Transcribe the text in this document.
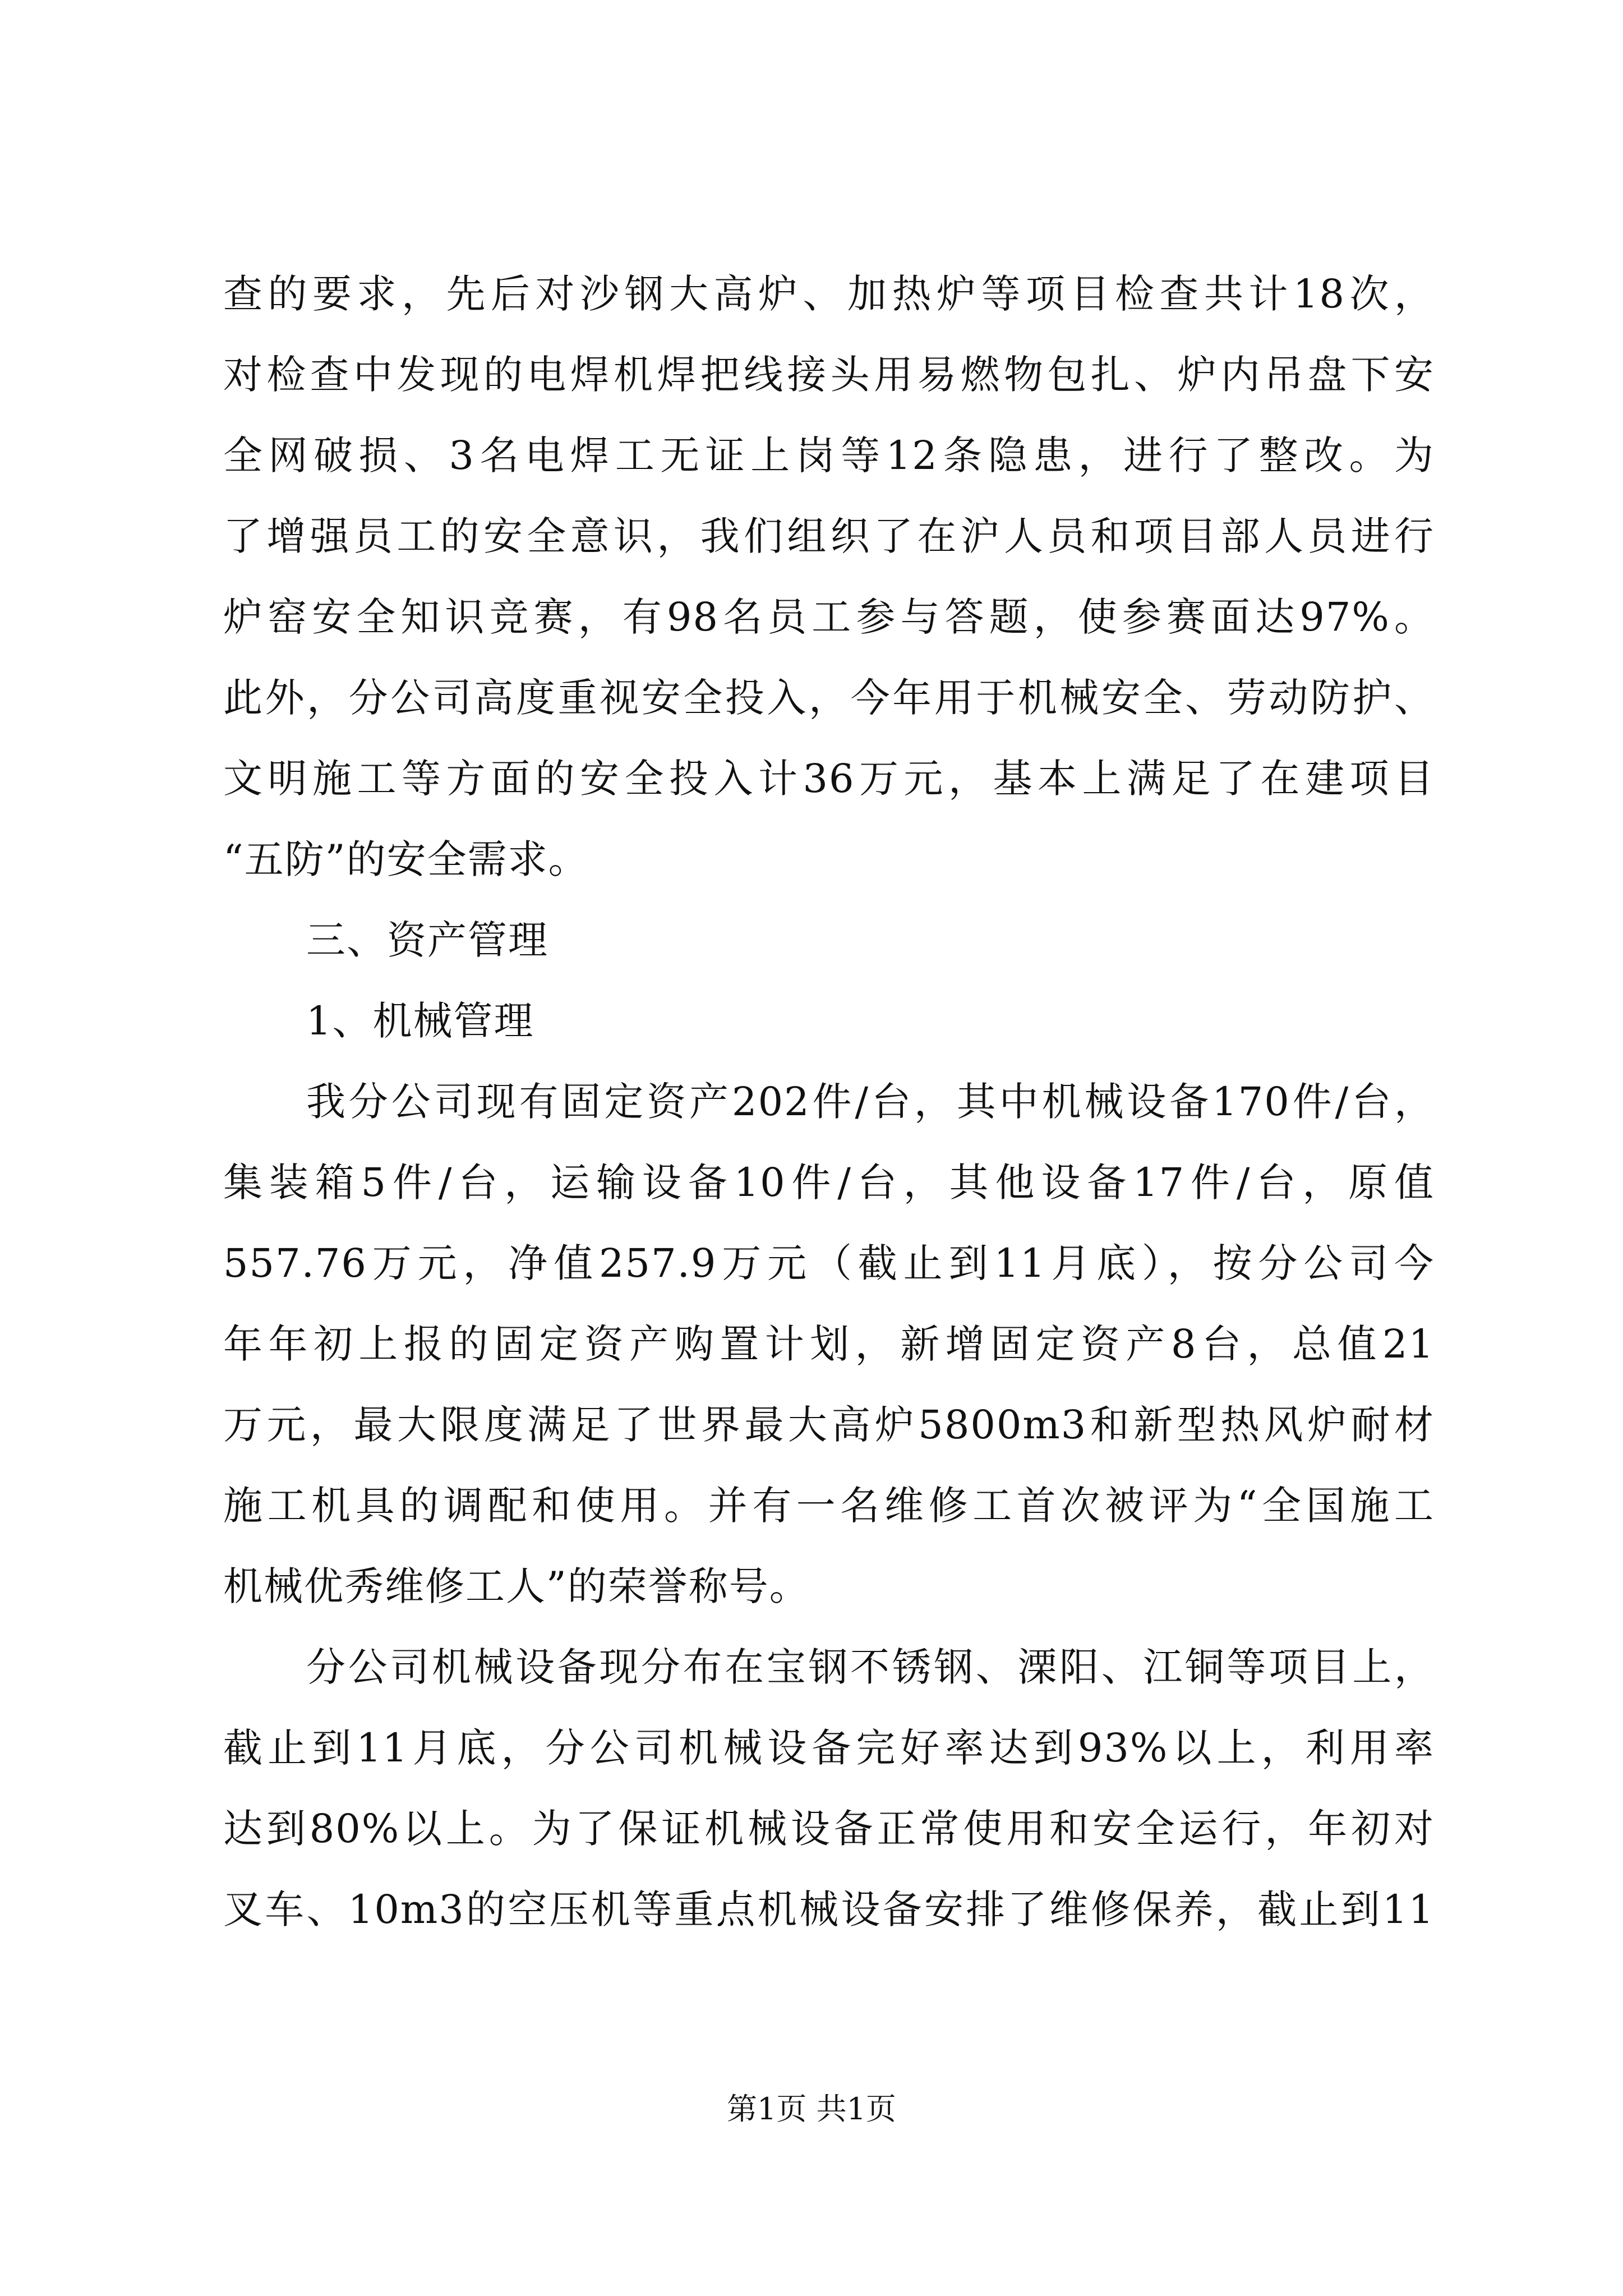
查的要求，先后对沙钢大高炉、加热炉等项目检查共计18次，
对检查中发现的电焊机焊把线接头用易燃物包扎、炉内吊盘下安
全网破损、3名电焊工无证上岗等12条隐患，进行了整改。为
了增强员工的安全意识，我们组织了在沪人员和项目部人员进行
炉窑安全知识竞赛，有98名员工参与答题，使参赛面达97%。
此外，分公司高度重视安全投入，今年用于机械安全、劳动防护、
文明施工等方面的安全投入计36万元，基本上满足了在建项目
“五防”的安全需求。
三、资产管理
1、机械管理
我分公司现有固定资产202件/台，其中机械设备170件/台，
集装箱5件/台，运输设备10件/台，其他设备17件/台，原值
557.76万元，净值257.9万元（截止到11月底），按分公司今
年年初上报的固定资产购置计划，新增固定资产8台，总值21
万元，最大限度满足了世界最大高炉5800m3和新型热风炉耐材
施工机具的调配和使用。并有一名维修工首次被评为“全国施工
机械优秀维修工人”的荣誉称号。
分公司机械设备现分布在宝钢不锈钢、溧阳、江铜等项目上，
截止到11月底，分公司机械设备完好率达到93%以上，利用率
达到80%以上。为了保证机械设备正常使用和安全运行，年初对
叉车、10m3的空压机等重点机械设备安排了维修保养，截止到11
第1页 共1页
